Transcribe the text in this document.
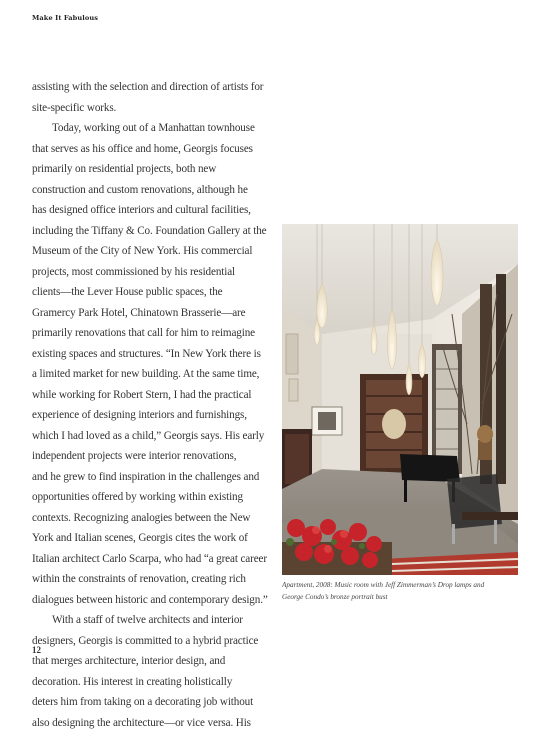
Make It Fabulous
assisting with the selection and direction of artists for
site-specific works.
Today, working out of a Manhattan townhouse
that serves as his office and home, Georgis focuses
primarily on residential projects, both new
construction and custom renovations, although he
has designed office interiors and cultural facilities,
including the Tiffany & Co. Foundation Gallery at the
Museum of the City of New York. His commercial
projects, most commissioned by his residential
clients—the Lever House public spaces, the
Gramercy Park Hotel, Chinatown Brasserie—are
primarily renovations that call for him to reimagine
existing spaces and structures. “In New York there is
a limited market for new building. At the same time,
while working for Robert Stern, I had the practical
experience of designing interiors and furnishings,
which I had loved as a child,” Georgis says. His early
independent projects were interior renovations,
and he grew to find inspiration in the challenges and
opportunities offered by working within existing
contexts. Recognizing analogies between the New
York and Italian scenes, Georgis cites the work of
Italian architect Carlo Scarpa, who had “a great career
within the constraints of renovation, creating rich
dialogues between historic and contemporary design.”
With a staff of twelve architects and interior
designers, Georgis is committed to a hybrid practice
that merges architecture, interior design, and
decoration. His interest in creating holistically
deters him from taking on a decorating job without
also designing the architecture—or vice versa. His
Apartment, 2008: Music room with Jeff Zimmerman’s Drop lamps and
George Condo’s bronze portrait bust
12
